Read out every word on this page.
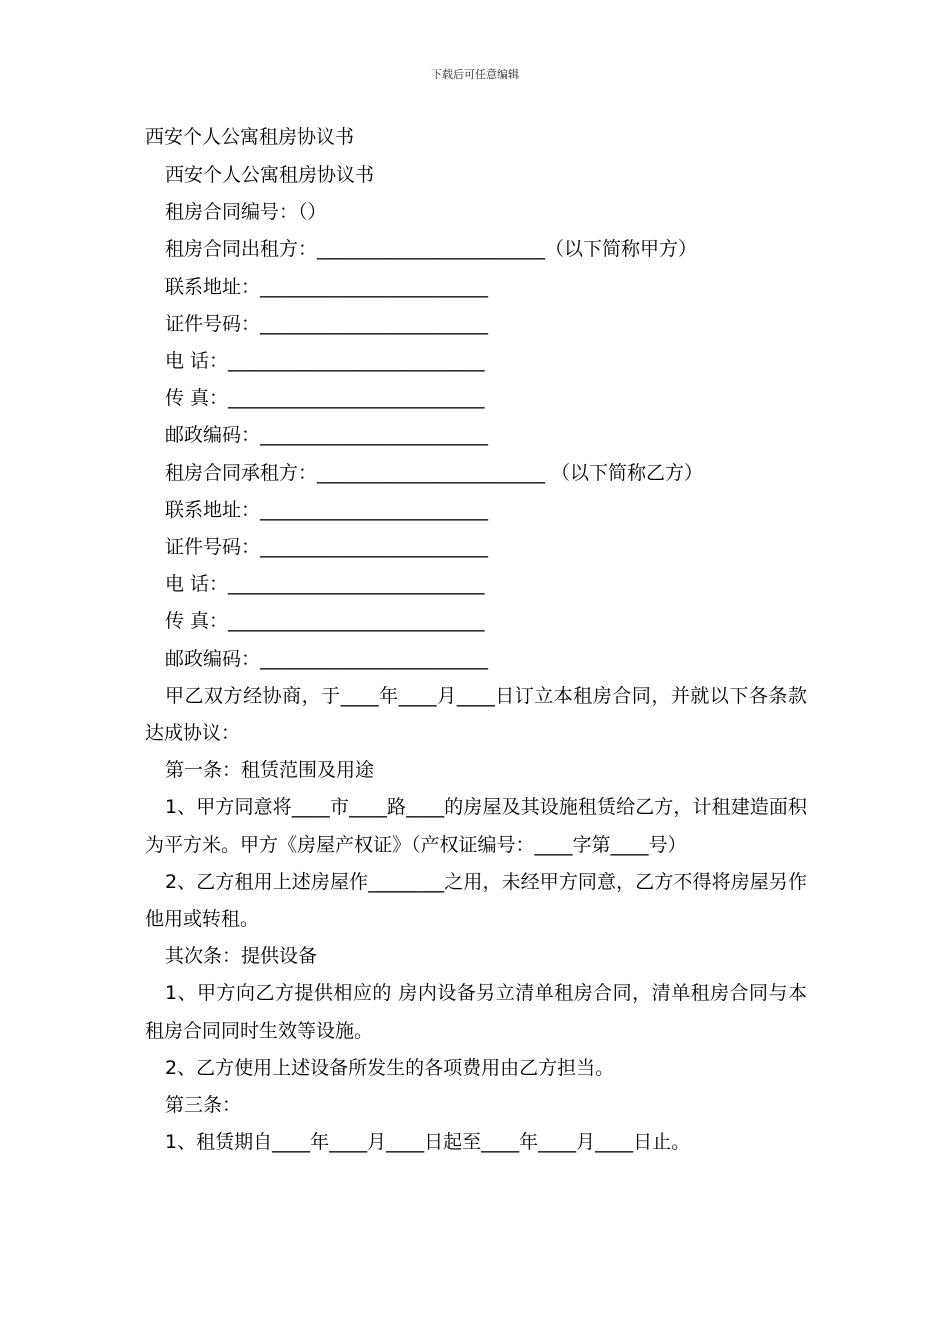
下载后可任意编辑
西安个人公寓租房协议书

西安个人公寓租房协议书

租房合同编号：（）

租房合同出租方：________________________（以下简称甲方）

联系地址：________________________

证件号码：________________________

电 话：___________________________

传 真：___________________________

邮政编码：________________________

租房合同承租方：________________________ （以下简称乙方）

联系地址：________________________

证件号码：________________________

电 话：___________________________

传 真：___________________________

邮政编码：________________________

甲乙双方经协商，于____年____月____日订立本租房合同，并就以下各条款达成协议：

第一条：租赁范围及用途

1、甲方同意将____市____路____的房屋及其设施租赁给乙方，计租建造面积为平方米。甲方《房屋产权证》（产权证编号：____字第____号）

2、乙方租用上述房屋作________之用，未经甲方同意，乙方不得将房屋另作他用或转租。

其次条：提供设备

1、甲方向乙方提供相应的 房内设备另立清单租房合同，清单租房合同与本租房合同同时生效等设施。

2、乙方使用上述设备所发生的各项费用由乙方担当。

第三条：

1、租赁期自____年____月____日起至____年____月____日止。
